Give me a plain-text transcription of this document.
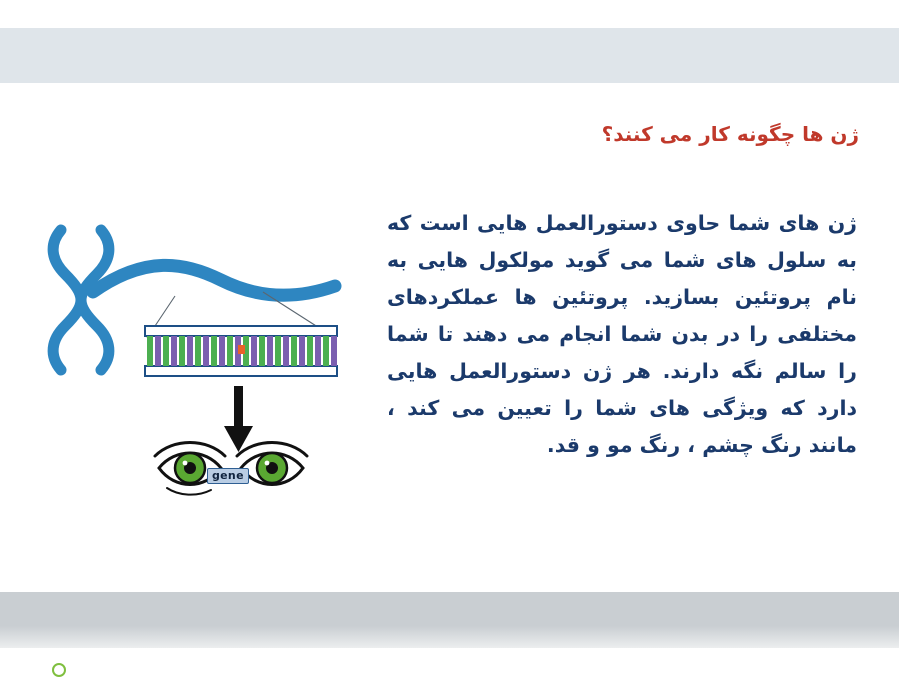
ژن ها چگونه کار می کنند؟
ژن های شما حاوی دستورالعمل هایی است که به سلول های شما می گوید مولکول هایی به نام پروتئین بسازید. پروتئین ها عملکردهای مختلفی را در بدن شما انجام می دهند تا شما را سالم نگه دارند. هر ژن دستورالعمل هایی دارد که ویژگی های شما را تعیین می کند ، مانند رنگ چشم ، رنگ مو و قد.
gene
